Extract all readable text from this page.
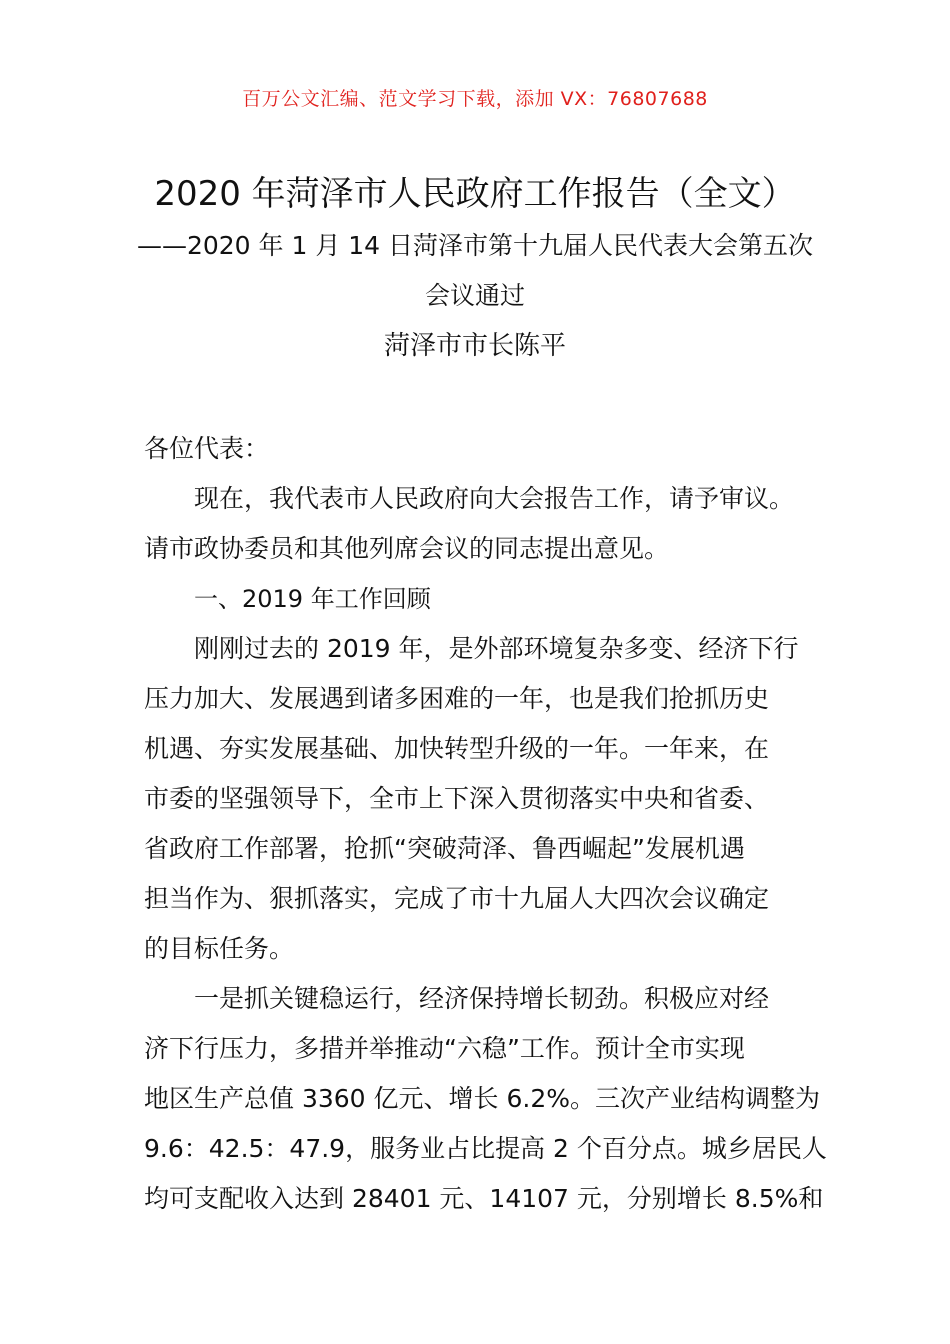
百万公文汇编、范文学习下载，添加 VX：76807688
2020 年菏泽市人民政府工作报告（全文）
——2020 年 1 月 14 日菏泽市第十九届人民代表大会第五次
会议通过
菏泽市市长陈平
各位代表：
现在，我代表市人民政府向大会报告工作，请予审议。
请市政协委员和其他列席会议的同志提出意见。
一、2019 年工作回顾
刚刚过去的 2019 年，是外部环境复杂多变、经济下行
压力加大、发展遇到诸多困难的一年，也是我们抢抓历史
机遇、夯实发展基础、加快转型升级的一年。一年来，在
市委的坚强领导下，全市上下深入贯彻落实中央和省委、
省政府工作部署，抢抓“突破菏泽、鲁西崛起”发展机遇
担当作为、狠抓落实，完成了市十九届人大四次会议确定
的目标任务。
一是抓关键稳运行，经济保持增长韧劲。积极应对经
济下行压力，多措并举推动“六稳”工作。预计全市实现
地区生产总值 3360 亿元、增长 6.2%。三次产业结构调整为
9.6：42.5：47.9，服务业占比提高 2 个百分点。城乡居民人
均可支配收入达到 28401 元、14107 元，分别增长 8.5%和
